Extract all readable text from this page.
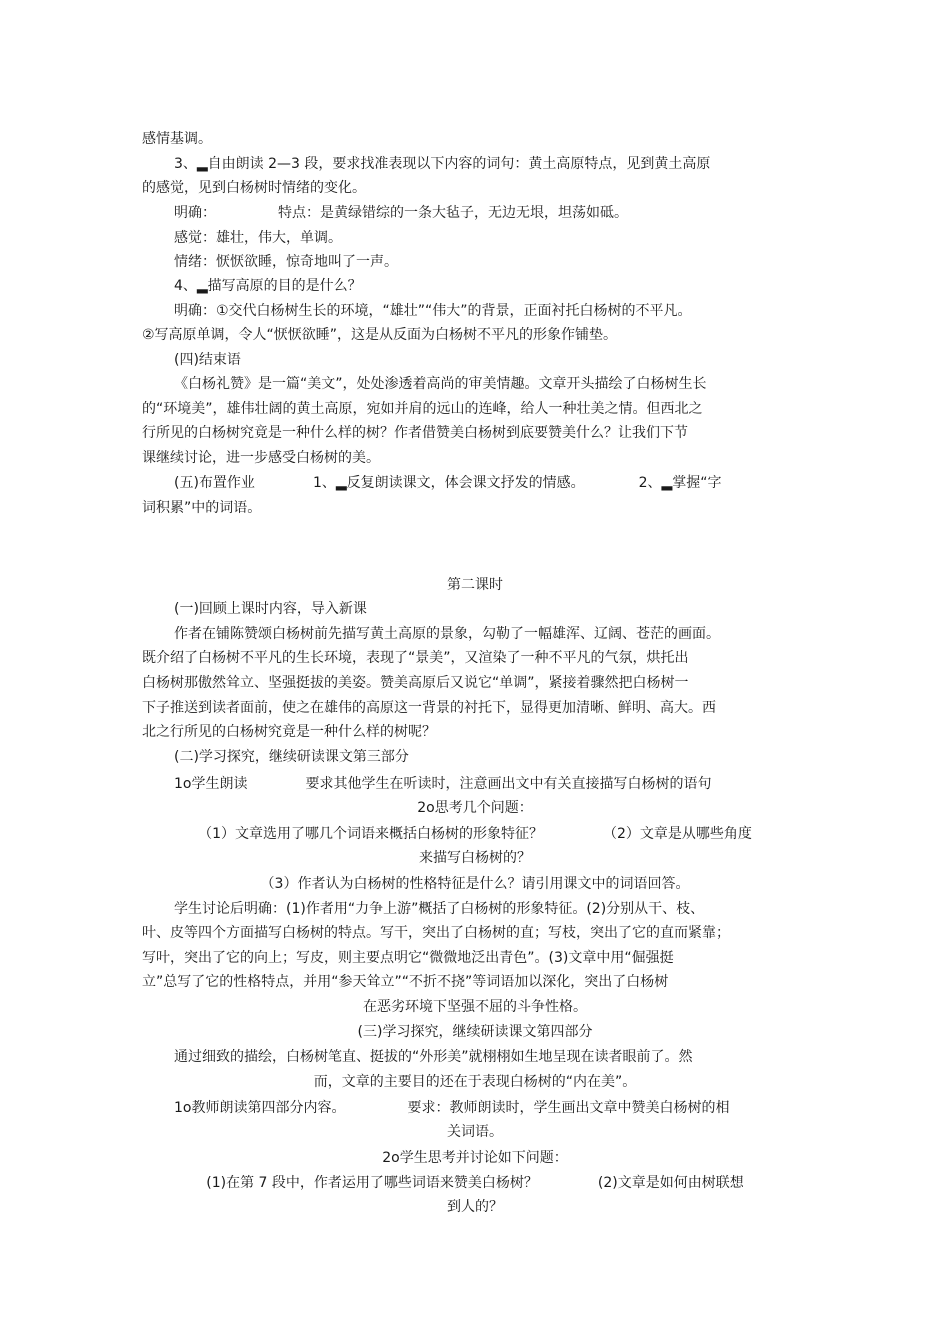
感情基调。
3、▂自由朗读 2—3 段，要求找准表现以下内容的词句：黄土高原特点，见到黄土高原
的感觉，见到白杨树时情绪的变化。
明确：	特点：是黄绿错综的一条大毡子，无边无垠，坦荡如砥。
感觉：雄壮，伟大，单调。
情绪：恹恹欲睡，惊奇地叫了一声。
4、▂描写高原的目的是什么？
明确：①交代白杨树生长的环境，“雄壮”“伟大”的背景，正面衬托白杨树的不平凡。
②写高原单调，令人“恹恹欲睡”，这是从反面为白杨树不平凡的形象作铺垫。
(四)结束语
《白杨礼赞》是一篇“美文”，处处渗透着高尚的审美情趣。文章开头描绘了白杨树生长
的“环境美”，雄伟壮阔的黄土高原，宛如并肩的远山的连峰，给人一种壮美之情。但西北之
行所见的白杨树究竟是一种什么样的树？作者借赞美白杨树到底要赞美什么？让我们下节
课继续讨论，进一步感受白杨树的美。
(五)布置作业	1、▂反复朗读课文，体会课文抒发的情感。	2、▂掌握“字
词积累”中的词语。
第二课时
(一)回顾上课时内容，导入新课
作者在铺陈赞颂白杨树前先描写黄土高原的景象，勾勒了一幅雄浑、辽阔、苍茫的画面。
既介绍了白杨树不平凡的生长环境，表现了“景美”，又渲染了一种不平凡的气氛，烘托出
白杨树那傲然耸立、坚强挺拔的美姿。赞美高原后又说它“单调”，紧接着骤然把白杨树一
下子推送到读者面前，使之在雄伟的高原这一背景的衬托下，显得更加清晰、鲜明、高大。西
北之行所见的白杨树究竟是一种什么样的树呢？
(二)学习探究，继续研读课文第三部分
1o学生朗读	要求其他学生在听读时，注意画出文中有关直接描写白杨树的语句
2o思考几个问题：
（1）文章选用了哪几个词语来概括白杨树的形象特征？	（2）文章是从哪些角度
来描写白杨树的？
（3）作者认为白杨树的性格特征是什么？请引用课文中的词语回答。
学生讨论后明确：(1)作者用“力争上游”概括了白杨树的形象特征。(2)分别从干、枝、
叶、皮等四个方面描写白杨树的特点。写干，突出了白杨树的直；写枝，突出了它的直而紧靠；
写叶，突出了它的向上；写皮，则主要点明它“微微地泛出青色”。(3)文章中用“倔强挺
立”总写了它的性格特点，并用“参天耸立”“不折不挠”等词语加以深化，突出了白杨树
在恶劣环境下坚强不屈的斗争性格。
(三)学习探究，继续研读课文第四部分
通过细致的描绘，白杨树笔直、挺拔的“外形美”就栩栩如生地呈现在读者眼前了。然
而，文章的主要目的还在于表现白杨树的“内在美”。
1o教师朗读第四部分内容。	要求：教师朗读时，学生画出文章中赞美白杨树的相
关词语。
2o学生思考并讨论如下问题：
(1)在第 7 段中，作者运用了哪些词语来赞美白杨树？	(2)文章是如何由树联想
到人的？
